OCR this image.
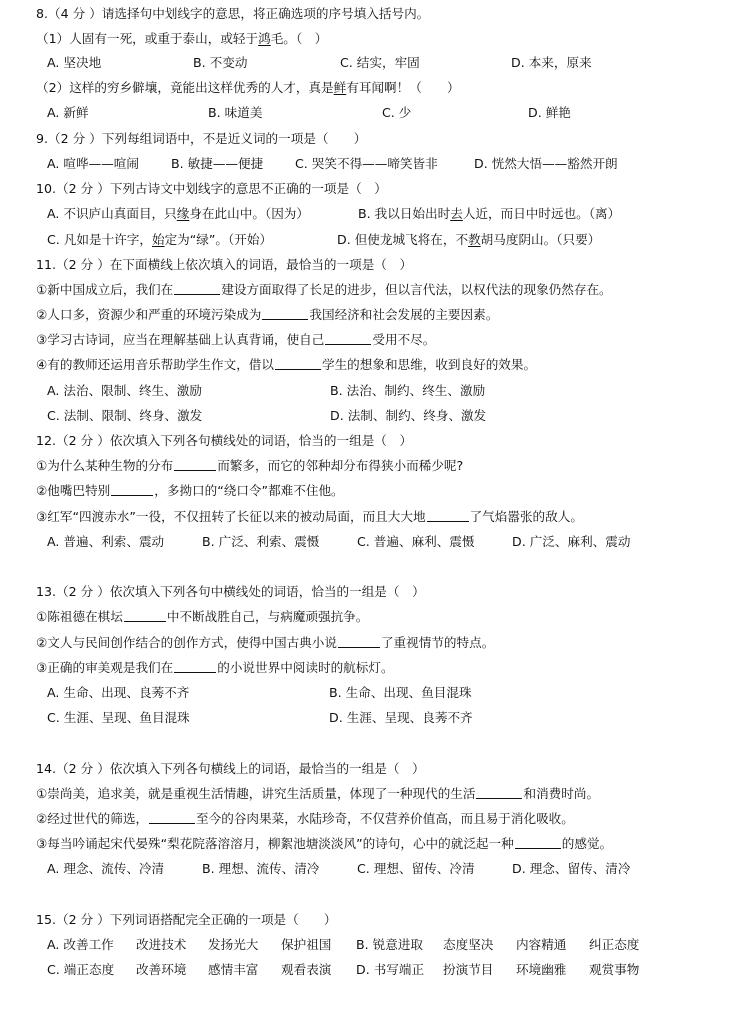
8.（4 分 ）请选择句中划线字的意思，将正确选项的序号填入括号内。
（1）人固有一死，或重于泰山，或轻于鸿毛。（　）
A. 坚决地	B. 不变动	C. 结实，牢固	D. 本来，原来
（2）这样的穷乡僻壤，竟能出这样优秀的人才，真是鲜有耳闻啊！（　　）
A. 新鲜	B. 味道美	C. 少	D. 鲜艳
9.（2 分 ）下列每组词语中，不是近义词的一项是（　　）
A. 喧哗——喧闹	B. 敏捷——便捷	C. 哭笑不得——啼笑皆非	D. 恍然大悟——豁然开朗
10.（2 分 ）下列古诗文中划线字的意思不正确的一项是（　）
A. 不识庐山真面目，只缘身在此山中。（因为）	B. 我以日始出时去人近，而日中时远也。（离）
C. 凡如是十许字，始定为“绿”。（开始）	D. 但使龙城飞将在，不教胡马度阴山。（只要）
11.（2 分 ）在下面横线上依次填入的词语，最恰当的一项是（　）
①新中国成立后，我们在	建设方面取得了长足的进步，但以言代法，以权代法的现象仍然存在。
②人口多，资源少和严重的环境污染成为	我国经济和社会发展的主要因素。
③学习古诗词，应当在理解基础上认真背诵，使自己	受用不尽。
④有的教师还运用音乐帮助学生作文，借以	学生的想象和思维，收到良好的效果。
A. 法治、限制、终生、激励	B. 法治、制约、终生、激励
C. 法制、限制、终身、激发	D. 法制、制约、终身、激发
12.（2 分 ）依次填入下列各句横线处的词语，恰当的一组是（　）
①为什么某种生物的分布	而繁多，而它的邻种却分布得狭小而稀少呢?
②他嘴巴特别	，多拗口的“绕口令”都难不住他。
③红军“四渡赤水”一役，不仅扭转了长征以来的被动局面，而且大大地	了气焰嚣张的敌人。
A. 普遍、利索、震动	B. 广泛、利索、震慑	C. 普遍、麻利、震慑	D. 广泛、麻利、震动
13.（2 分 ）依次填入下列各句中横线处的词语，恰当的一组是（　）
①陈祖德在棋坛	中不断战胜自己，与病魔顽强抗争。
②文人与民间创作结合的创作方式，使得中国古典小说	了重视情节的特点。
③正确的审美观是我们在	的小说世界中阅读时的航标灯。
A. 生命、出现、良莠不齐	B. 生命、出现、鱼目混珠
C. 生涯、呈现、鱼目混珠	D. 生涯、呈现、良莠不齐
14.（2 分 ）依次填入下列各句横线上的词语，最恰当的一组是（　）
①崇尚美，追求美，就是重视生活情趣，讲究生活质量，体现了一种现代的生活	和消费时尚。
②经过世代的筛选，	至今的谷肉果菜，水陆珍奇，不仅营养价值高，而且易于消化吸收。
③每当吟诵起宋代晏殊“梨花院落溶溶月，柳絮池塘淡淡风”的诗句，心中的就泛起一种	的感觉。
A. 理念、流传、冷清	B. 理想、流传、清冷	C. 理想、留传、冷清	D. 理念、留传、清冷
15.（2 分 ）下列词语搭配完全正确的一项是（　　）
A. 改善工作 改进技术 发扬光大 保护祖国 B. 锐意进取 态度坚决 内容精通 纠正态度
C. 端正态度 改善环境 感情丰富 观看表演 D. 书写端正 扮演节目 环境幽雅 观赏事物
